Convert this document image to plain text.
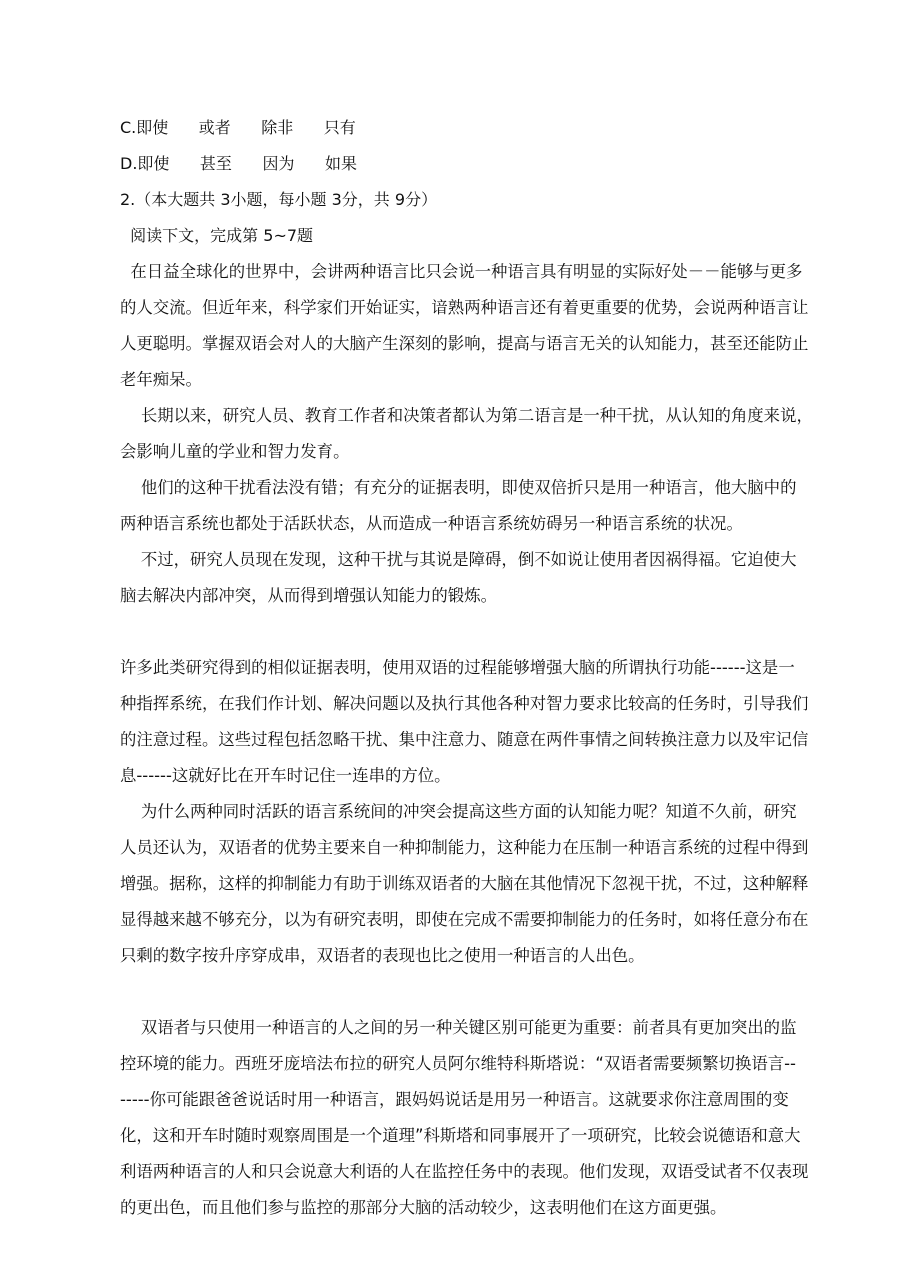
C.即使      或者      除非      只有
D.即使      甚至      因为      如果
2.（本大题共 3小题，每小题 3分，共 9分）
阅读下文，完成第 5~7题
在日益全球化的世界中，会讲两种语言比只会说一种语言具有明显的实际好处－－能够与更多
的人交流。但近年来，科学家们开始证实，谙熟两种语言还有着更重要的优势，会说两种语言让
人更聪明。掌握双语会对人的大脑产生深刻的影响，提高与语言无关的认知能力，甚至还能防止
老年痴呆。
长期以来，研究人员、教育工作者和决策者都认为第二语言是一种干扰，从认知的角度来说，
会影响儿童的学业和智力发育。
他们的这种干扰看法没有错；有充分的证据表明，即使双倍折只是用一种语言，他大脑中的
两种语言系统也都处于活跃状态，从而造成一种语言系统妨碍另一种语言系统的状况。
不过，研究人员现在发现，这种干扰与其说是障碍，倒不如说让使用者因祸得福。它迫使大
脑去解决内部冲突，从而得到增强认知能力的锻炼。
许多此类研究得到的相似证据表明，使用双语的过程能够增强大脑的所谓执行功能------这是一
种指挥系统，在我们作计划、解决问题以及执行其他各种对智力要求比较高的任务时，引导我们
的注意过程。这些过程包括忽略干扰、集中注意力、随意在两件事情之间转换注意力以及牢记信
息------这就好比在开车时记住一连串的方位。
为什么两种同时活跃的语言系统间的冲突会提高这些方面的认知能力呢？知道不久前，研究
人员还认为，双语者的优势主要来自一种抑制能力，这种能力在压制一种语言系统的过程中得到
增强。据称，这样的抑制能力有助于训练双语者的大脑在其他情况下忽视干扰，不过，这种解释
显得越来越不够充分，以为有研究表明，即使在完成不需要抑制能力的任务时，如将任意分布在
只剩的数字按升序穿成串，双语者的表现也比之使用一种语言的人出色。
双语者与只使用一种语言的人之间的另一种关键区别可能更为重要：前者具有更加突出的监
控环境的能力。西班牙庞培法布拉的研究人员阿尔维特科斯塔说：“双语者需要频繁切换语言--
-----你可能跟爸爸说话时用一种语言，跟妈妈说话是用另一种语言。这就要求你注意周围的变
化，这和开车时随时观察周围是一个道理”科斯塔和同事展开了一项研究，比较会说德语和意大
利语两种语言的人和只会说意大利语的人在监控任务中的表现。他们发现，双语受试者不仅表现
的更出色，而且他们参与监控的那部分大脑的活动较少，这表明他们在这方面更强。
